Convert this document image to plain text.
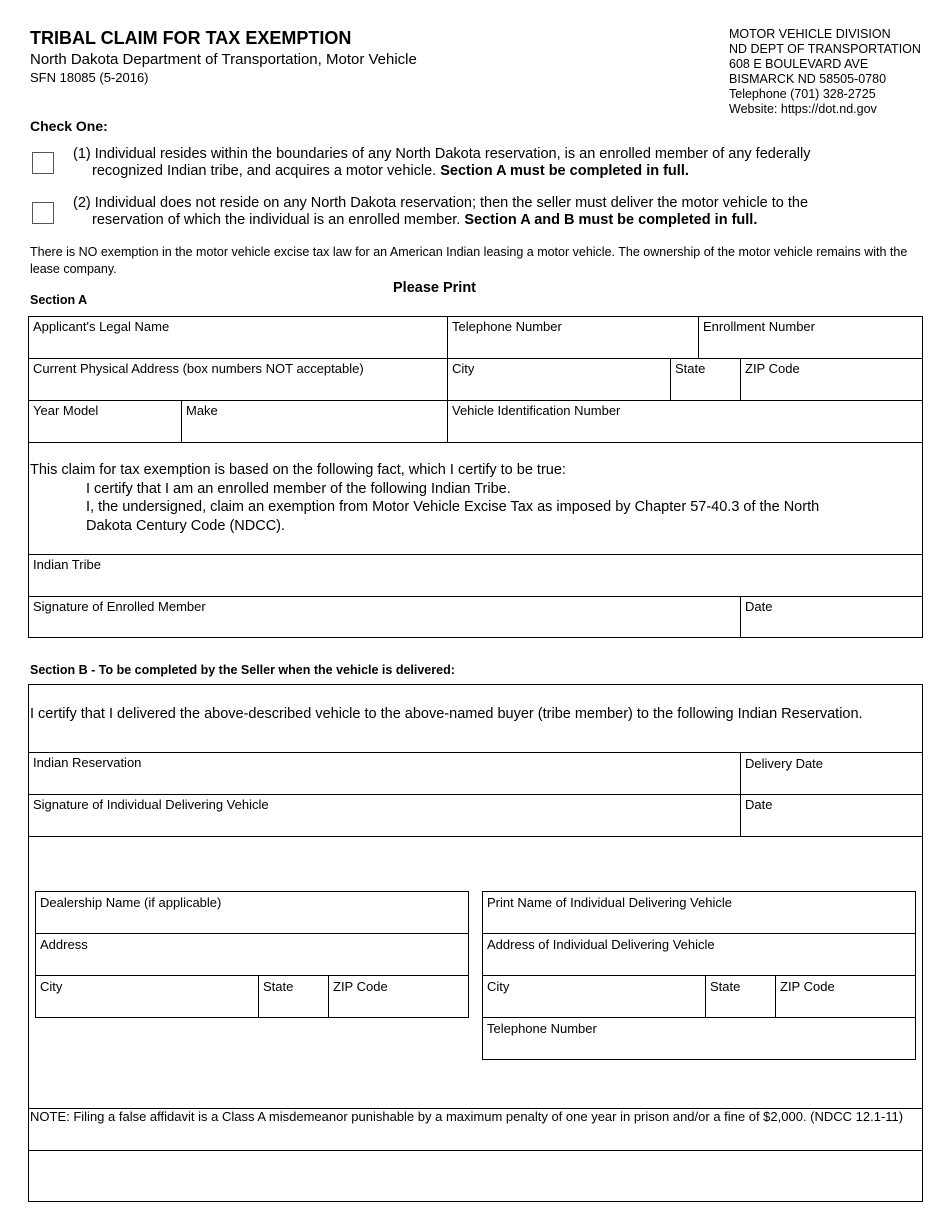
TRIBAL CLAIM FOR TAX EXEMPTION
North Dakota Department of Transportation, Motor Vehicle
SFN 18085 (5-2016)
MOTOR VEHICLE DIVISION
ND DEPT OF TRANSPORTATION
608 E BOULEVARD AVE
BISMARCK ND 58505-0780
Telephone (701) 328-2725
Website: https://dot.nd.gov
Check One:
(1) Individual resides within the boundaries of any North Dakota reservation, is an enrolled member of any federally
recognized Indian tribe, and acquires a motor vehicle. Section A must be completed in full.
(2) Individual does not reside on any North Dakota reservation; then the seller must deliver the motor vehicle to the
reservation of which the individual is an enrolled member. Section A and B must be completed in full.
There is NO exemption in the motor vehicle excise tax law for an American Indian leasing a motor vehicle. The ownership of the motor vehicle remains with the lease company.
Please Print
Section A
Applicant's Legal Name	Telephone Number	Enrollment Number
Current Physical Address (box numbers NOT acceptable)	City	State	ZIP Code
Year Model	Make	Vehicle Identification Number
This claim for tax exemption is based on the following fact, which I certify to be true:
I certify that I am an enrolled member of the following Indian Tribe.
I, the undersigned, claim an exemption from Motor Vehicle Excise Tax as imposed by Chapter 57-40.3 of the North
Dakota Century Code (NDCC).
Indian Tribe
Signature of Enrolled Member	Date
Section B - To be completed by the Seller when the vehicle is delivered:
I certify that I delivered the above-described vehicle to the above-named buyer (tribe member) to the following Indian Reservation.
Indian Reservation	Delivery Date
Signature of Individual Delivering Vehicle	Date
Dealership Name (if applicable)
Address
City	State	ZIP Code
Print Name of Individual Delivering Vehicle
Address of Individual Delivering Vehicle
City	State	ZIP Code
Telephone Number
NOTE: Filing a false affidavit is a Class A misdemeanor punishable by a maximum penalty of one year in prison and/or a fine of $2,000. (NDCC 12.1-11)
